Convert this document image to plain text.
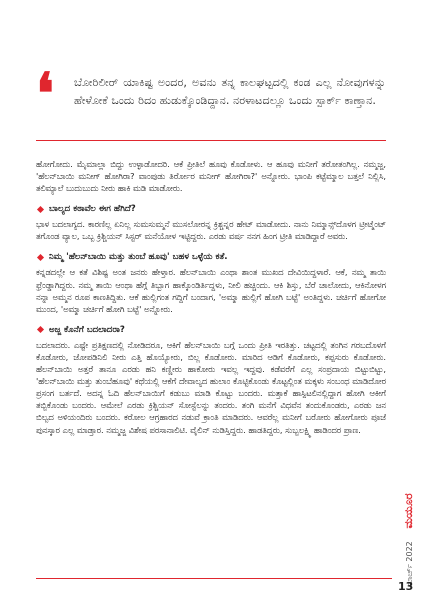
❛ ಬೋರಿಲೀರ್ ಯಾಕಿಷ್ಟ ಅಂದರ, ಅವನು ತನ್ನ ಕಾಲಘಟ್ಟದಲ್ಲಿ ಕಂಡ ಎಲ್ಲ ನೋವುಗಳನ್ನು ಹೇಳೋಕೆ ಒಂದು ರಿದಂ ಹುಡುಕ್ಕೊಂಡಿದ್ದಾನ. ನರಳಾಟದಲ್ಲೂ ಒಂದು ಸ್ಪಾರ್ಕ್ ಕಾಣ್ತಾನ.

ಹೋಗೋದು. ಮೈಮಾಲ್ಲಾ ಬಿದ್ದು ಉಳ್ಳಾಡೋದರಿ. ಆಕೆ ಪ್ರೀತಿಲೆ ಹೂವು ಕೊಡೋಳು. ಆ ಹೂವು ಮನೀಗೆ ತರೋತಂಗಿಲ್ಲ. ನಮ್ಮಜ್ಜ, 'ಹೆಲನ್‌ಬಾಯಿ ಮನೀಗ್ ಹೋಗಿರಾ? ವಾಂಪುಡು ತಿರ್ರೋರ ಮನೀಗ್ ಹೋಗಿರಾ?' ಅನ್ನೋರು. ಭಾಂಪಿ ಕಟ್ಟೆಮ್ಮಾಲ ಬತ್ತಲೆ ನಿಲ್ಲಿಸಿ, ತಲಿಮ್ಯಾಲೆ ಬುದುಬುದು ನೀರು ಹಾಕಿ ಮಡಿ ಮಾಡೋರು.

ಬಾಲ್ಯದ ಕಠಾವೆಲ ಈಗ ಹೆಗಿದೆ?

ಭಾಳ ಬದಲಾಗ್ಯದ. ಕಾರಣಿಲ್ಲ ಏನಿಲ್ಲ ಸುಮಸುಮ್ಮನೆ ಮುಸಲೋರನ್ನ ಕ್ರಿಶ್ಚನ್ನರ ಹೇಟ್ ಮಾಡೋದು. ನಾನು ನಿಮ್ಮಾನ್ಸ್‌ದೊಳಗ ಟ್ರೀಟ್ಮೆಂಟ್ ತಗೊಂಡ ವ್ಯಾಲ, ಒಬ್ಬ ಕ್ರಿಶ್ಚಿಯನ್ ಸಿಸ್ಟರ್ ಮನೆಯೋಳ ಇಟ್ಟಿದ್ದರು. ಎರಡು ವರ್ಷ ನನಗ ಹಿಂಗ ಟ್ರೀತಿ ಮಾಡಿದ್ದಾರೆ ಅವರು.

ನಿಮ್ಮ 'ಹೆಲನ್‌ಬಾಯಿ ಮತ್ತು ತುಂಬೆ ಹೂವು' ಬಹಳ ಒಳ್ಳೆಯ ಕತೆ.

ಕನ್ನಡದಲ್ಲೇ ಆ ಕತೆ ವಿಶಿಷ್ಟ ಅಂತ ಜನರು ಹೇಳ್ತಾರ. ಹೆಲನ್‌ಬಾಯಿ ಎಂಥಾ ಶಾಂತ ಮುಖದ ದೇವಿಯಿದ್ದಳಾರೆ. ಆಕೆ, ನಮ್ಮ ತಾಯಿ ಫ್ರೆಂಡ್ಡಾಗಿದ್ದರು. ನಮ್ಮ ತಾಯಿ ಆಂಥಾ ಹೆಗ್ಗೆ ತಿಬ್ಬಾಗ ಹಾಕ್ಕೊಂಡಿರ್ತಿದ್ದಳು, ನೀಲಿ ಹಚ್ಚಿಂದು. ಆಕಿ ಶಿಸ್ತು, ಬೆರೆ ಚಾಲೋದು, ಆಕಿನೋಳಗ ನನ್ನಾ ಅಮ್ಮನ ರೂಪ ಕಾಣತಿದ್ದಿತು. ಆಕೆ ಹುಲ್ಲಿಗಂತ ಗದ್ದಿಗೆ ಬಂದಾಗ, 'ಅಮ್ಮಾ ಹುಲ್ಲಿಗೆ ಹೋಗಿ ಬಟ್ಟೆ' ಅಂತಿದ್ದಳು. ಚರ್ಚಿಗೆ ಹೋಗೋ ಮುಂದ, 'ಅಮ್ಮಾ ಚರ್ಚಿಗೆ ಹೋಗಿ ಬಟ್ಟೆ' ಅನ್ನೋರು.

ಅಜ್ಜ ಕೊನೆಗೆ ಬದಲಾದರಾ?

ಬದಲಾದರು. ಎಷ್ಟೇ ಪ್ರತಿಕ್ಷಣದಲ್ಲಿ ನೋಡಿದರೂ, ಆಕಿಗೆ ಹೆಲನ್‌ಬಾಯಿ ಬಗ್ಗೆ ಒಂದು ಪ್ರೀತಿ ಇರತಿತ್ತು. ಚಟ್ಟದಲ್ಲಿ ತಂಗಿನ ಗರಬದೊಳಗೆ ಕೊಡೋರು, ಜೋಪಡಿನಿಲಿ ನೀರು ಎತ್ತಿ ಹೊಯ್ಯೋರು, ಬಿಲ್ಲ ಕೊಡೋರು. ಮಾರಿದ ಆಡಿಗೆ ಕೊಡೋರು, ಕಪ್ಪಸುರು ಕೊಡೋರು. ಹೆಲನ್‌ಬಾಯಿ ಅತ್ತರೆ ತಾನೂ ಎರಡು ಹನಿ ಕಣ್ಣೀರು ಹಾಕೋರು ಇವಲ್ಲ ಇದ್ದವು. ಕಡೆವರೆಗೆ ಎಲ್ಲ ಸಂಪ್ರದಾಯ ಬಿಟ್ಟುಬಿಟ್ಟು, 'ಹೆಲನ್‌ಬಾಯಿ ಮತ್ತು ತುಂಬೆಹೂವು' ಕಥೆಯಲ್ಲಿ ಆಕೆಗೆ ದೇವಾಲ್ಯದ ಹುಲಾಂ ಕೊಟ್ಟಿಕೊಂಡು ಕೊಟ್ಟಲ್ಲಿಂತ ಮಕ್ಕಳು ಸಂಬಂಧ ಮಾಡಿದೋರ ಪ್ರಸಂಗ ಬರ್ತದೆ. ಅದನ್ನ ಓದಿ ಹೆಲನ್‌ಬಾಯಿಗೆ ಕಡುಬು ಮಾಡಿ ಕೊಟ್ಟು ಬಂದರು. ಮತ್ತಾಕೆ ಹಾಸ್ಪಿಟಲಿನಲ್ಲಿದ್ದಾಗ ಹೋಗಿ ಆಕೀಗೆ ತಬ್ಬಿಕೊಂಡು ಬಂದರು. ಆಮೇಲೆ ಎರಡು ಕ್ರಿಶ್ಚಿಯನ್ ಸೋಸ್ಟೆಲನ್ನು ತಂದರು. ತಂಗಿ ಮನೆಗೆ ವಿಧವೆನ ತಂದುಕೊಂಡರು, ಎರಡು ಜನ ಬಿಲ್ವದ ಅಳಿಯಂದಿರು ಬಂದರು. ಕರೋಲ ಆಗ್ರಹಾರದ ನಡುವೆ ಕ್ರಾಂತಿ ಮಾಡಿದರು. ಆವರೆಲ್ಲ ಮನೀಗೆ ಬರೋರು ಹೋಗೋರು ಪೂಜೆ ಪುನಸ್ಕಾರ ಎಲ್ಲ ಮಾಡ್ತಾರ. ನಮ್ಮಜ್ಜ ವಿಶೇಷ ಪರಸಾನಾಲಿಟಿ. ವೈಲಿನ್ ನುಡಿಸ್ತಿದ್ದರು. ಹಾಡತಿದ್ದರು, ಸುಬ್ಬಲಕ್ಷ್ಮಿ ಹಾಡಿಂದರ ಪ್ರಾಣ.

ಮಯೂರ
ಮಾರ್ಚ್ 2022
13
